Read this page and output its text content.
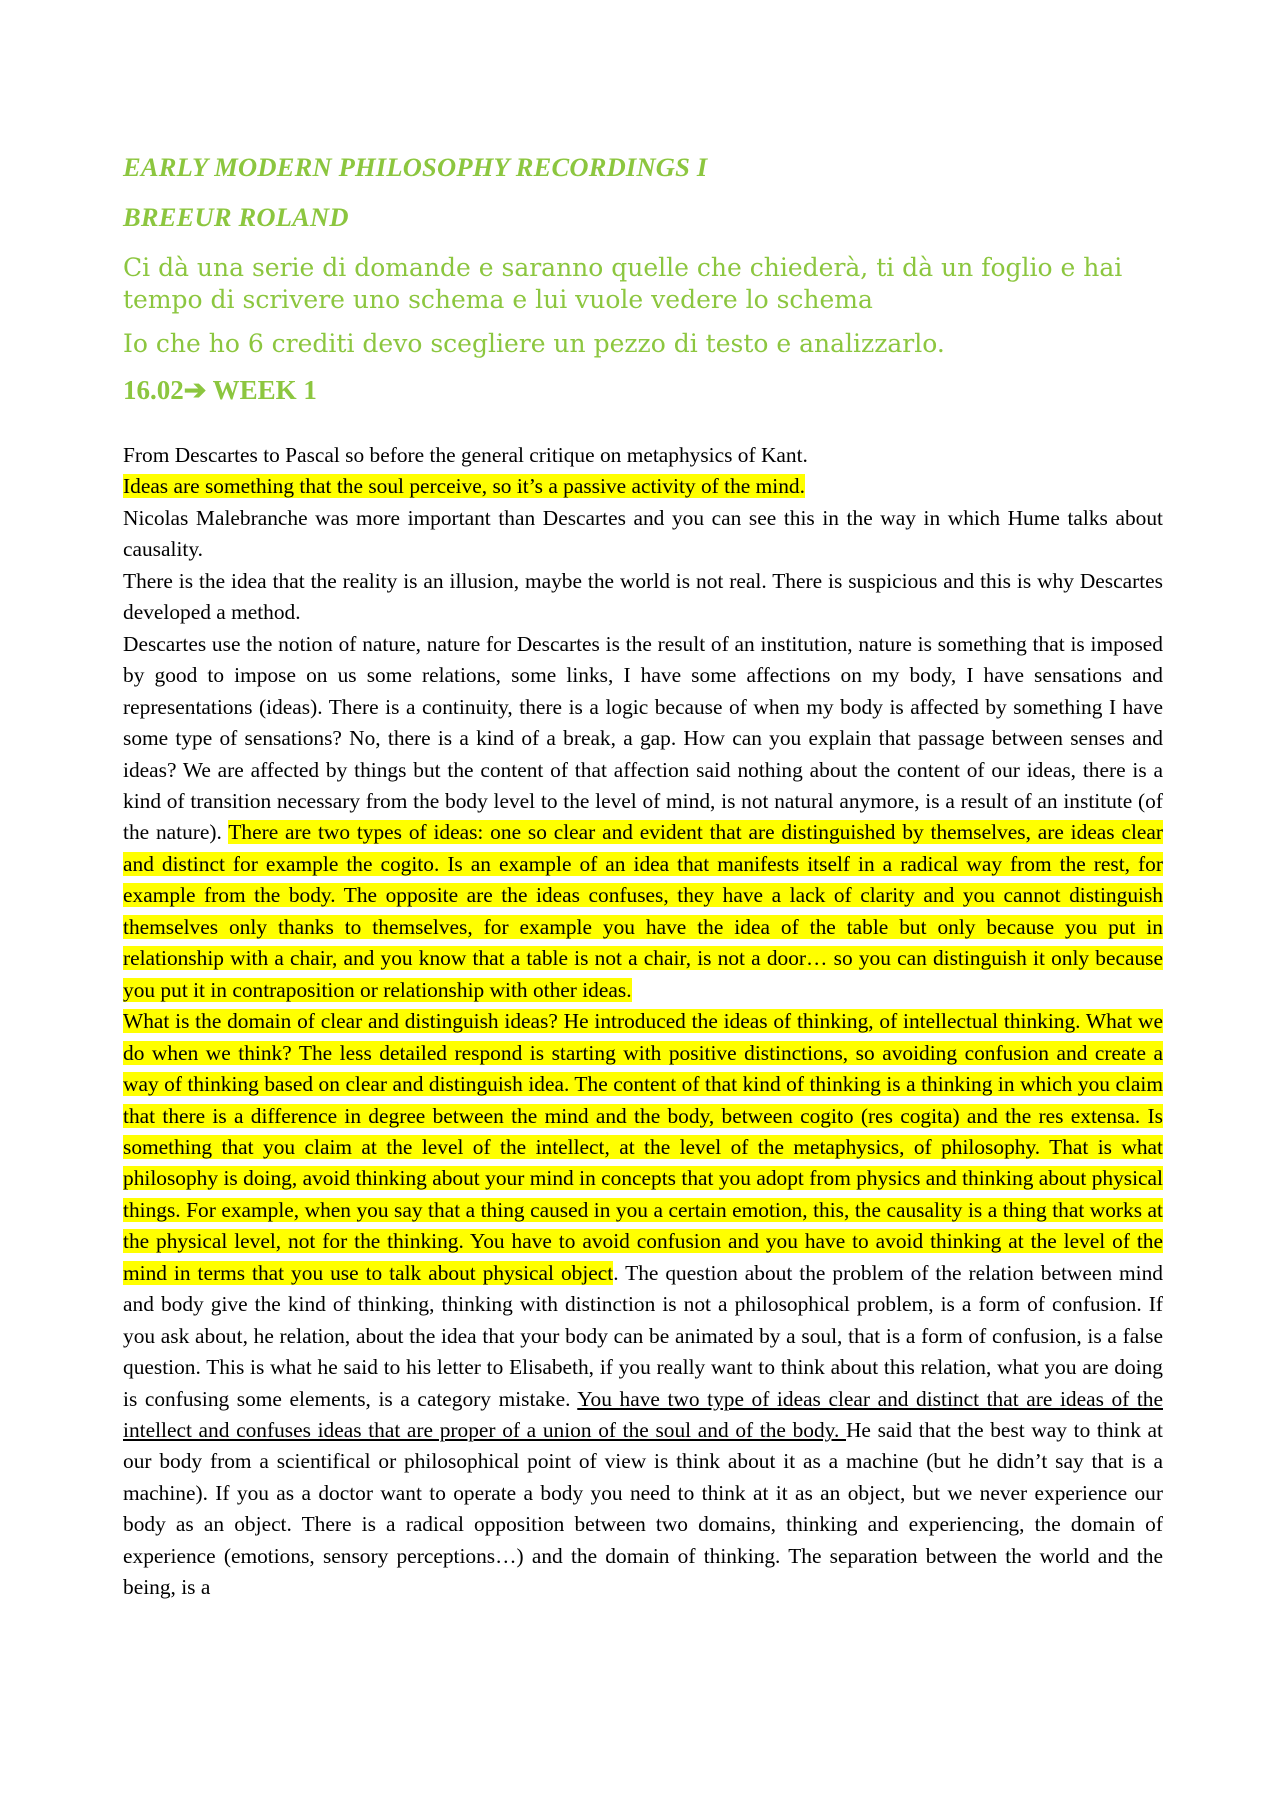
EARLY MODERN PHILOSOPHY RECORDINGS I
BREEUR ROLAND
Ci dà una serie di domande e saranno quelle che chiederà, ti dà un foglio e hai tempo di scrivere uno schema e lui vuole vedere lo schema
Io che ho 6 crediti devo scegliere un pezzo di testo e analizzarlo.
16.02➔ WEEK 1

From Descartes to Pascal so before the general critique on metaphysics of Kant.

Ideas are something that the soul perceive, so it’s a passive activity of the mind.

Nicolas Malebranche was more important than Descartes and you can see this in the way in which Hume talks about causality.

There is the idea that the reality is an illusion, maybe the world is not real. There is suspicious and this is why Descartes developed a method.

Descartes use the notion of nature, nature for Descartes is the result of an institution, nature is something that is imposed by good to impose on us some relations, some links, I have some affections on my body, I have sensations and representations (ideas). There is a continuity, there is a logic because of when my body is affected by something I have some type of sensations? No, there is a kind of a break, a gap. How can you explain that passage between senses and ideas? We are affected by things but the content of that affection said nothing about the content of our ideas, there is a kind of transition necessary from the body level to the level of mind, is not natural anymore, is a result of an institute (of the nature). There are two types of ideas: one so clear and evident that are distinguished by themselves, are ideas clear and distinct for example the cogito. Is an example of an idea that manifests itself in a radical way from the rest, for example from the body. The opposite are the ideas confuses, they have a lack of clarity and you cannot distinguish themselves only thanks to themselves, for example you have the idea of the table but only because you put in relationship with a chair, and you know that a table is not a chair, is not a door… so you can distinguish it only because you put it in contraposition or relationship with other ideas.

What is the domain of clear and distinguish ideas? He introduced the ideas of thinking, of intellectual thinking. What we do when we think? The less detailed respond is starting with positive distinctions, so avoiding confusion and create a way of thinking based on clear and distinguish idea. The content of that kind of thinking is a thinking in which you claim that there is a difference in degree between the mind and the body, between cogito (res cogita) and the res extensa. Is something that you claim at the level of the intellect, at the level of the metaphysics, of philosophy. That is what philosophy is doing, avoid thinking about your mind in concepts that you adopt from physics and thinking about physical things. For example, when you say that a thing caused in you a certain emotion, this, the causality is a thing that works at the physical level, not for the thinking. You have to avoid confusion and you have to avoid thinking at the level of the mind in terms that you use to talk about physical object. The question about the problem of the relation between mind and body give the kind of thinking, thinking with distinction is not a philosophical problem, is a form of confusion. If you ask about, he relation, about the idea that your body can be animated by a soul, that is a form of confusion, is a false question. This is what he said to his letter to Elisabeth, if you really want to think about this relation, what you are doing is confusing some elements, is a category mistake. You have two type of ideas clear and distinct that are ideas of the intellect and confuses ideas that are proper of a union of the soul and of the body. He said that the best way to think at our body from a scientifical or philosophical point of view is think about it as a machine (but he didn’t say that is a machine). If you as a doctor want to operate a body you need to think at it as an object, but we never experience our body as an object. There is a radical opposition between two domains, thinking and experiencing, the domain of experience (emotions, sensory perceptions…) and the domain of thinking. The separation between the world and the being, is a
